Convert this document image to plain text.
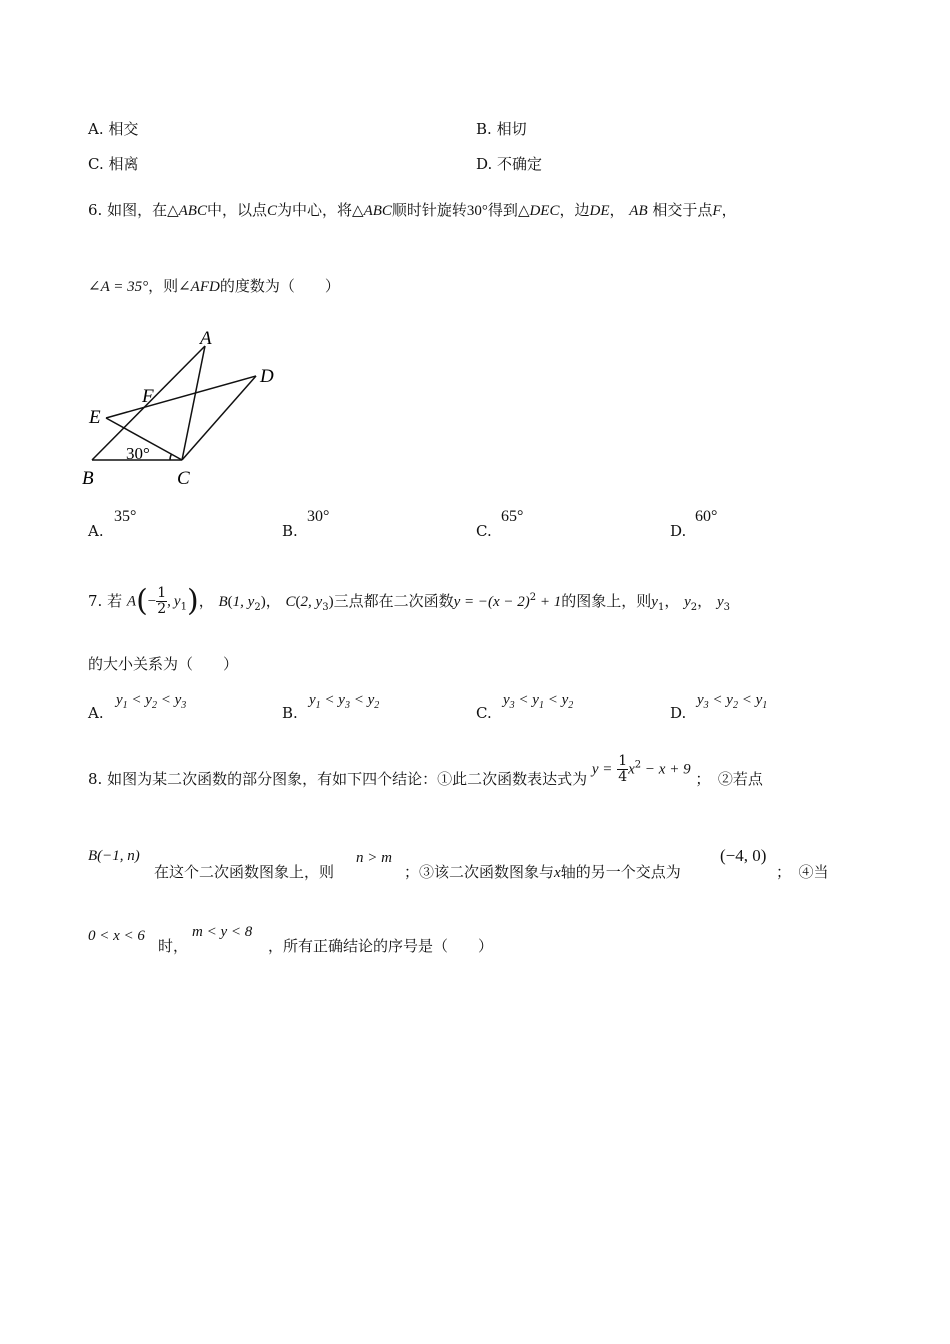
A. 相交	B. 相切
C. 相离	D. 不确定
6. 如图，在△ABC中，以点C为中心，将△ABC顺时针旋转30°得到△DEC，边DE， AB 相交于点F，
∠A = 35°，则∠AFD的度数为（　　）
A
B	C
D
E
F
30°
A.
35°
B.
30°
C.
65°
D.
60°
7. 若 $A(- \frac{1}{2}$ ,  $y_1$)， B(1, $y_2$)， C(2, $y_3$)三点都在二次函数$y = -(x - 2)^2 + 1$的图象上，则$y_1$， $y_2$， $y_3$
的大小关系为（　　）
A.
$y_1 < y_2 < y_3$	B.
$y_1 < y_3 < y_2$	C.
$y_3 < y_1 < y_2$	D.
$y_3 < y_2 < y_1$
8. 如图为某二次函数的部分图象，有如下四个结论：①此二次函数表达式为 $y = \frac{1}{4} x^2 - x + 9$ ；　②若点
B(−1, n)
在这个二次函数图象上，则
n > m
；③该二次函数图象与x轴的另一个交点为
(−4, 0)
；　④当
0 < x < 6
时，
m < y < 8
，所有正确结论的序号是（　　）
